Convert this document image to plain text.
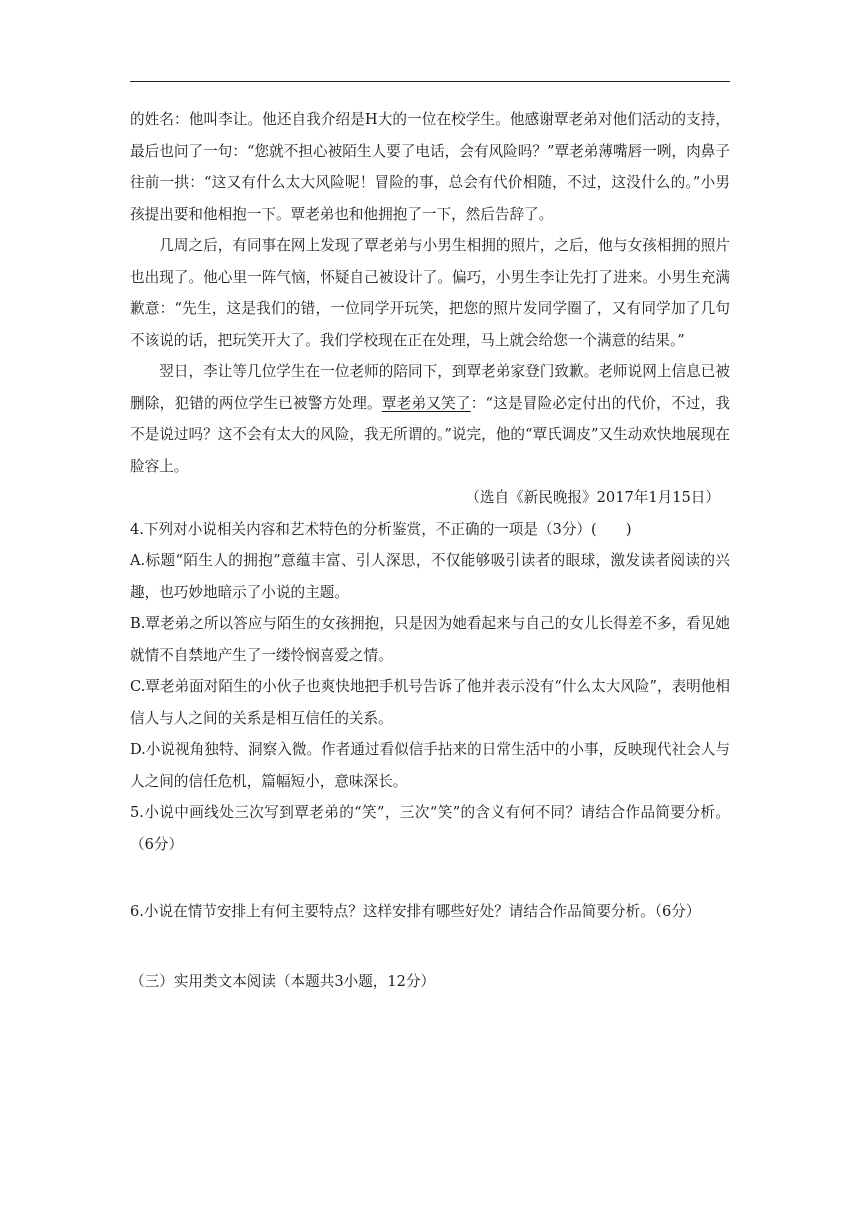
的姓名：他叫李让。他还自我介绍是H大的一位在校学生。他感谢覃老弟对他们活动的支持，最后也问了一句：“您就不担心被陌生人要了电话，会有风险吗？”覃老弟薄嘴唇一咧，肉鼻子往前一拱：“这又有什么太大风险呢！冒险的事，总会有代价相随，不过，这没什么的。”小男孩提出要和他相抱一下。覃老弟也和他拥抱了一下，然后告辞了。

几周之后，有同事在网上发现了覃老弟与小男生相拥的照片，之后，他与女孩相拥的照片也出现了。他心里一阵气恼，怀疑自己被设计了。偏巧，小男生李让先打了进来。小男生充满歉意：“先生，这是我们的错，一位同学开玩笑，把您的照片发同学圈了，又有同学加了几句不该说的话，把玩笑开大了。我们学校现在正在处理，马上就会给您一个满意的结果。”

翌日，李让等几位学生在一位老师的陪同下，到覃老弟家登门致歉。老师说网上信息已被删除，犯错的两位学生已被警方处理。覃老弟又笑了：“这是冒险必定付出的代价，不过，我不是说过吗？这不会有太大的风险，我无所谓的。”说完，他的“覃氏调皮”又生动欢快地展现在脸容上。

（选自《新民晚报》2017年1月15日）

4.下列对小说相关内容和艺术特色的分析鉴赏，不正确的一项是（3分）(　　)

A.标题“陌生人的拥抱”意蕴丰富、引人深思，不仅能够吸引读者的眼球，激发读者阅读的兴趣，也巧妙地暗示了小说的主题。

B.覃老弟之所以答应与陌生的女孩拥抱，只是因为她看起来与自己的女儿长得差不多，看见她就情不自禁地产生了一缕怜悯喜爱之情。

C.覃老弟面对陌生的小伙子也爽快地把手机号告诉了他并表示没有“什么太大风险”，表明他相信人与人之间的关系是相互信任的关系。

D.小说视角独特、洞察入微。作者通过看似信手拈来的日常生活中的小事，反映现代社会人与人之间的信任危机，篇幅短小，意味深长。

5.小说中画线处三次写到覃老弟的“笑”，三次“笑”的含义有何不同？请结合作品简要分析。（6分）

6.小说在情节安排上有何主要特点？这样安排有哪些好处？请结合作品简要分析。（6分）

（三）实用类文本阅读（本题共3小题，12分）
